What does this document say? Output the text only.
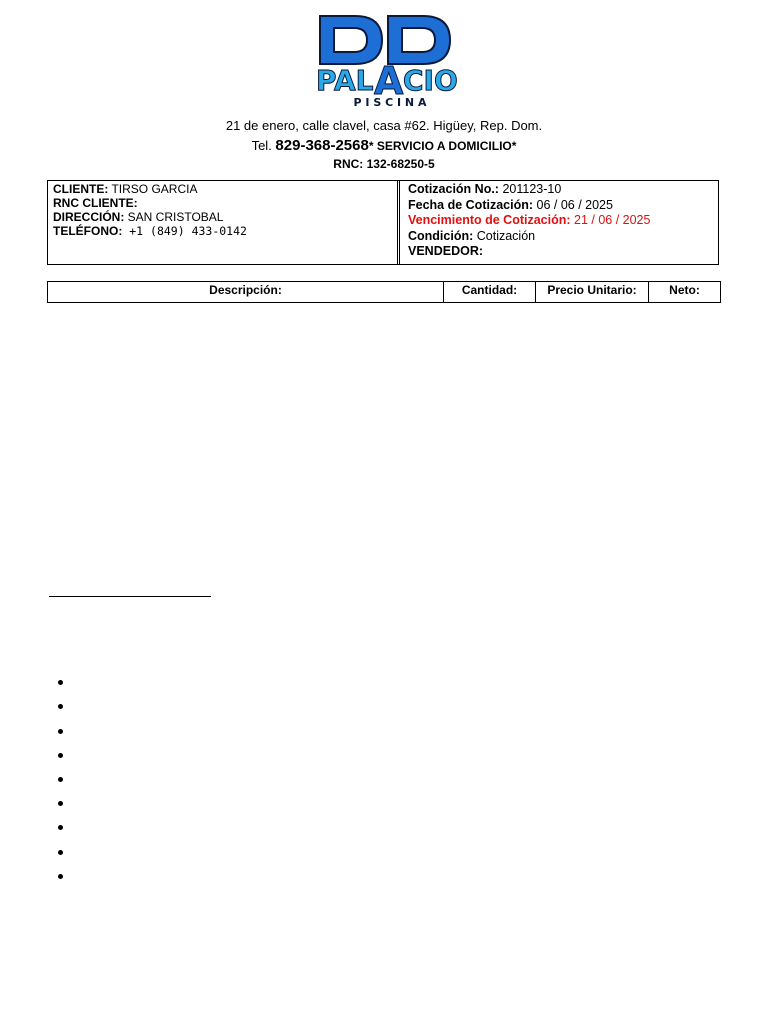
PAL A CIO
P I S C I N A
21 de enero, calle clavel, casa #62. Higüey, Rep. Dom.
Tel. 829-368-2568* SERVICIO A DOMICILIO*
RNC: 132-68250-5
CLIENTE: TIRSO GARCIA
RNC CLIENTE:
DIRECCIÓN: SAN CRISTOBAL
TELÉFONO: +1 (849) 433-0142
Cotización No.: 201123-10
Fecha de Cotización: 06 / 06 / 2025
Vencimiento de Cotización: 21 / 06 / 2025
Condición: Cotización
VENDEDOR:
Descripción:	Cantidad:	Precio Unitario:	Neto:
